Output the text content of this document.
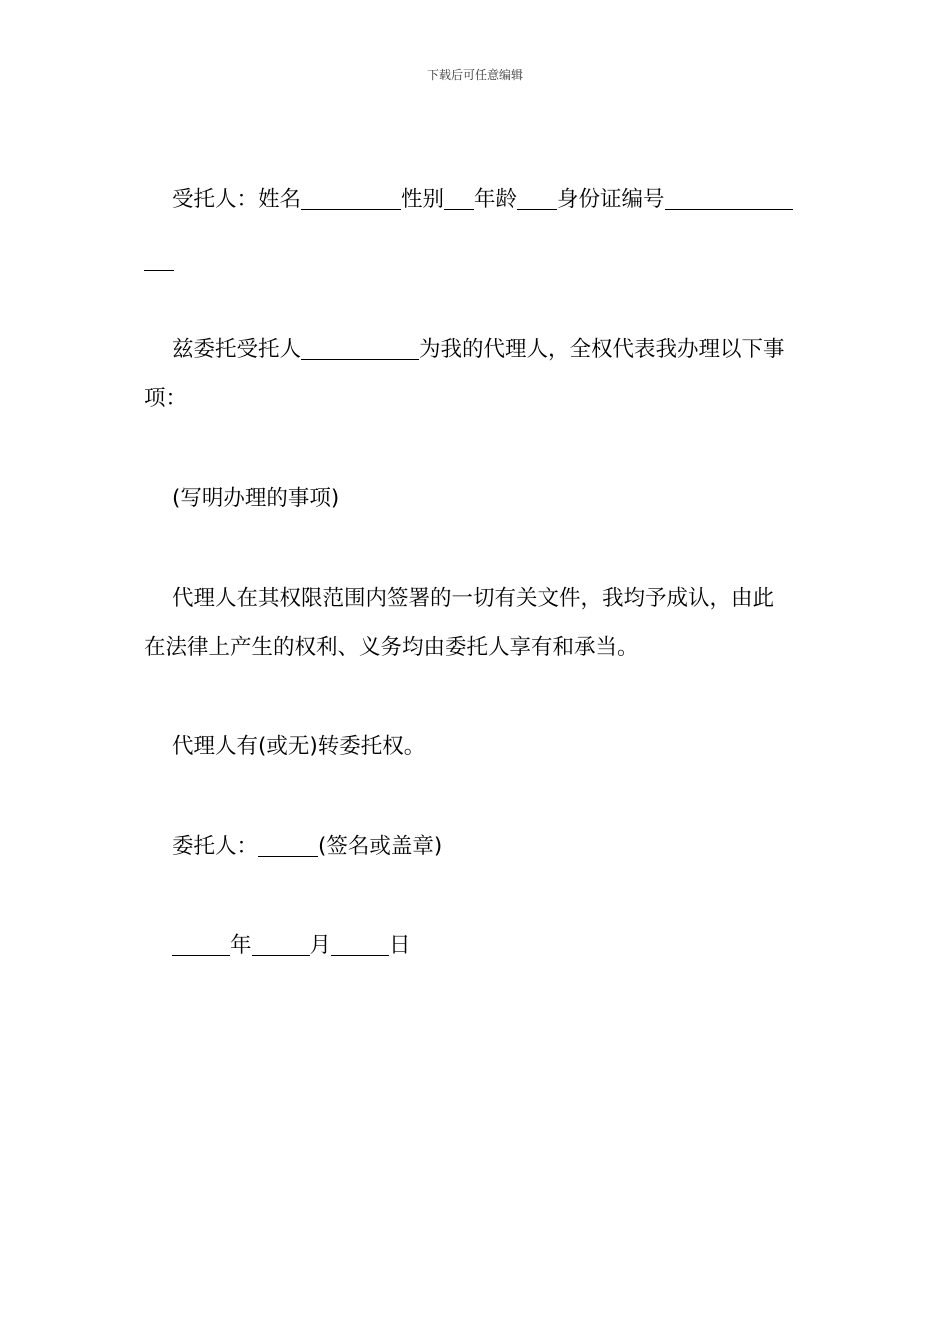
下载后可任意编辑
受托人：姓名	性别 年龄 身份证编号
兹委托受托人	为我的代理人，全权代表我办理以下事
项：
(写明办理的事项)
代理人在其权限范围内签署的一切有关文件，我均予成认，由此
在法律上产生的权利、义务均由委托人享有和承当。
代理人有(或无)转委托权。
委托人：	(签名或盖章)
年	月	日
